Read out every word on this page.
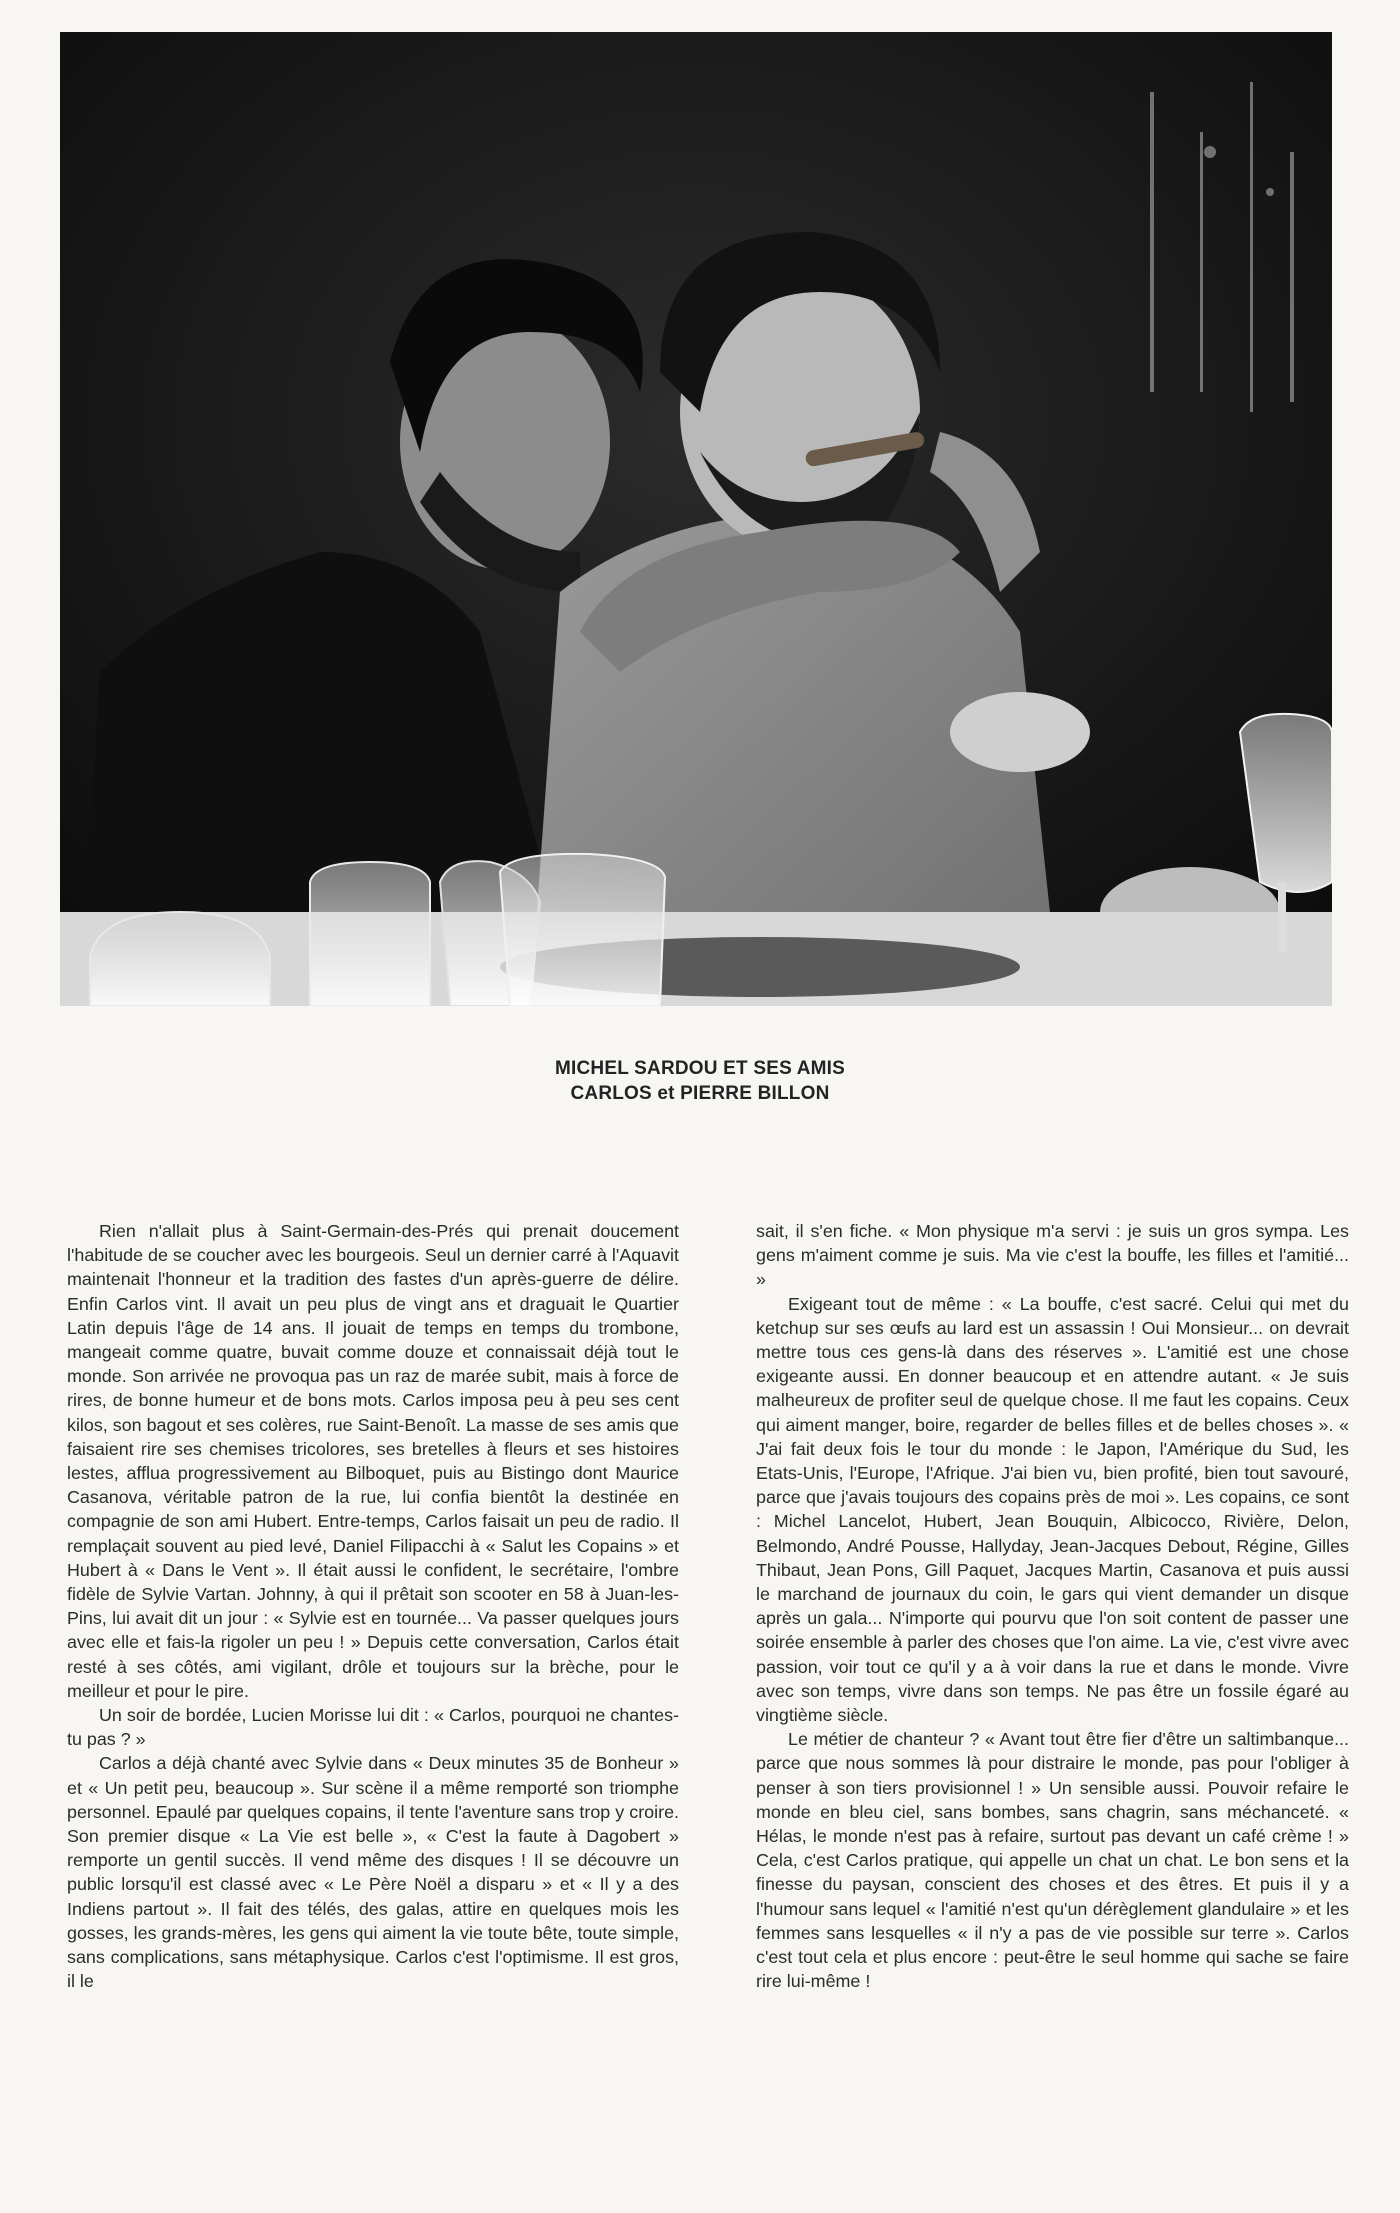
MICHEL SARDOU ET SES AMIS
CARLOS et PIERRE BILLON

Rien n'allait plus à Saint-Germain-des-Prés qui prenait doucement l'habitude de se coucher avec les bourgeois. Seul un dernier carré à l'Aquavit maintenait l'honneur et la tradition des fastes d'un après-guerre de délire. Enfin Carlos vint. Il avait un peu plus de vingt ans et draguait le Quartier Latin depuis l'âge de 14 ans. Il jouait de temps en temps du trombone, mangeait comme quatre, buvait comme douze et connaissait déjà tout le monde. Son arrivée ne provoqua pas un raz de marée subit, mais à force de rires, de bonne humeur et de bons mots. Carlos imposa peu à peu ses cent kilos, son bagout et ses colères, rue Saint-Benoît. La masse de ses amis que faisaient rire ses chemises tricolores, ses bretelles à fleurs et ses histoires lestes, afflua progressivement au Bilboquet, puis au Bistingo dont Maurice Casanova, véritable patron de la rue, lui confia bientôt la destinée en compagnie de son ami Hubert. Entre-temps, Carlos faisait un peu de radio. Il remplaçait souvent au pied levé, Daniel Filipacchi à « Salut les Copains » et Hubert à « Dans le Vent ». Il était aussi le confident, le secrétaire, l'ombre fidèle de Sylvie Vartan. Johnny, à qui il prêtait son scooter en 58 à Juan-les-Pins, lui avait dit un jour : « Sylvie est en tournée... Va passer quelques jours avec elle et fais-la rigoler un peu ! » Depuis cette conversation, Carlos était resté à ses côtés, ami vigilant, drôle et toujours sur la brèche, pour le meilleur et pour le pire.

Un soir de bordée, Lucien Morisse lui dit : « Carlos, pourquoi ne chantes-tu pas ? »

Carlos a déjà chanté avec Sylvie dans « Deux minutes 35 de Bonheur » et « Un petit peu, beaucoup ». Sur scène il a même remporté son triomphe personnel. Epaulé par quelques copains, il tente l'aventure sans trop y croire. Son premier disque « La Vie est belle », « C'est la faute à Dagobert » remporte un gentil succès. Il vend même des disques ! Il se découvre un public lorsqu'il est classé avec « Le Père Noël a disparu » et « Il y a des Indiens partout ». Il fait des télés, des galas, attire en quelques mois les gosses, les grands-mères, les gens qui aiment la vie toute bête, toute simple, sans complications, sans métaphysique. Carlos c'est l'optimisme. Il est gros, il le

sait, il s'en fiche. « Mon physique m'a servi : je suis un gros sympa. Les gens m'aiment comme je suis. Ma vie c'est la bouffe, les filles et l'amitié... »

Exigeant tout de même : « La bouffe, c'est sacré. Celui qui met du ketchup sur ses œufs au lard est un assassin ! Oui Monsieur... on devrait mettre tous ces gens-là dans des réserves ». L'amitié est une chose exigeante aussi. En donner beaucoup et en attendre autant. « Je suis malheureux de profiter seul de quelque chose. Il me faut les copains. Ceux qui aiment manger, boire, regarder de belles filles et de belles choses ». « J'ai fait deux fois le tour du monde : le Japon, l'Amérique du Sud, les Etats-Unis, l'Europe, l'Afrique. J'ai bien vu, bien profité, bien tout savouré, parce que j'avais toujours des copains près de moi ». Les copains, ce sont : Michel Lancelot, Hubert, Jean Bouquin, Albicocco, Rivière, Delon, Belmondo, André Pousse, Hallyday, Jean-Jacques Debout, Régine, Gilles Thibaut, Jean Pons, Gill Paquet, Jacques Martin, Casanova et puis aussi le marchand de journaux du coin, le gars qui vient demander un disque après un gala... N'importe qui pourvu que l'on soit content de passer une soirée ensemble à parler des choses que l'on aime. La vie, c'est vivre avec passion, voir tout ce qu'il y a à voir dans la rue et dans le monde. Vivre avec son temps, vivre dans son temps. Ne pas être un fossile égaré au vingtième siècle.

Le métier de chanteur ? « Avant tout être fier d'être un saltimbanque... parce que nous sommes là pour distraire le monde, pas pour l'obliger à penser à son tiers provisionnel ! » Un sensible aussi. Pouvoir refaire le monde en bleu ciel, sans bombes, sans chagrin, sans méchanceté. « Hélas, le monde n'est pas à refaire, surtout pas devant un café crème ! » Cela, c'est Carlos pratique, qui appelle un chat un chat. Le bon sens et la finesse du paysan, conscient des choses et des êtres. Et puis il y a l'humour sans lequel « l'amitié n'est qu'un dérèglement glandulaire » et les femmes sans lesquelles « il n'y a pas de vie possible sur terre ». Carlos c'est tout cela et plus encore : peut-être le seul homme qui sache se faire rire lui-même !
